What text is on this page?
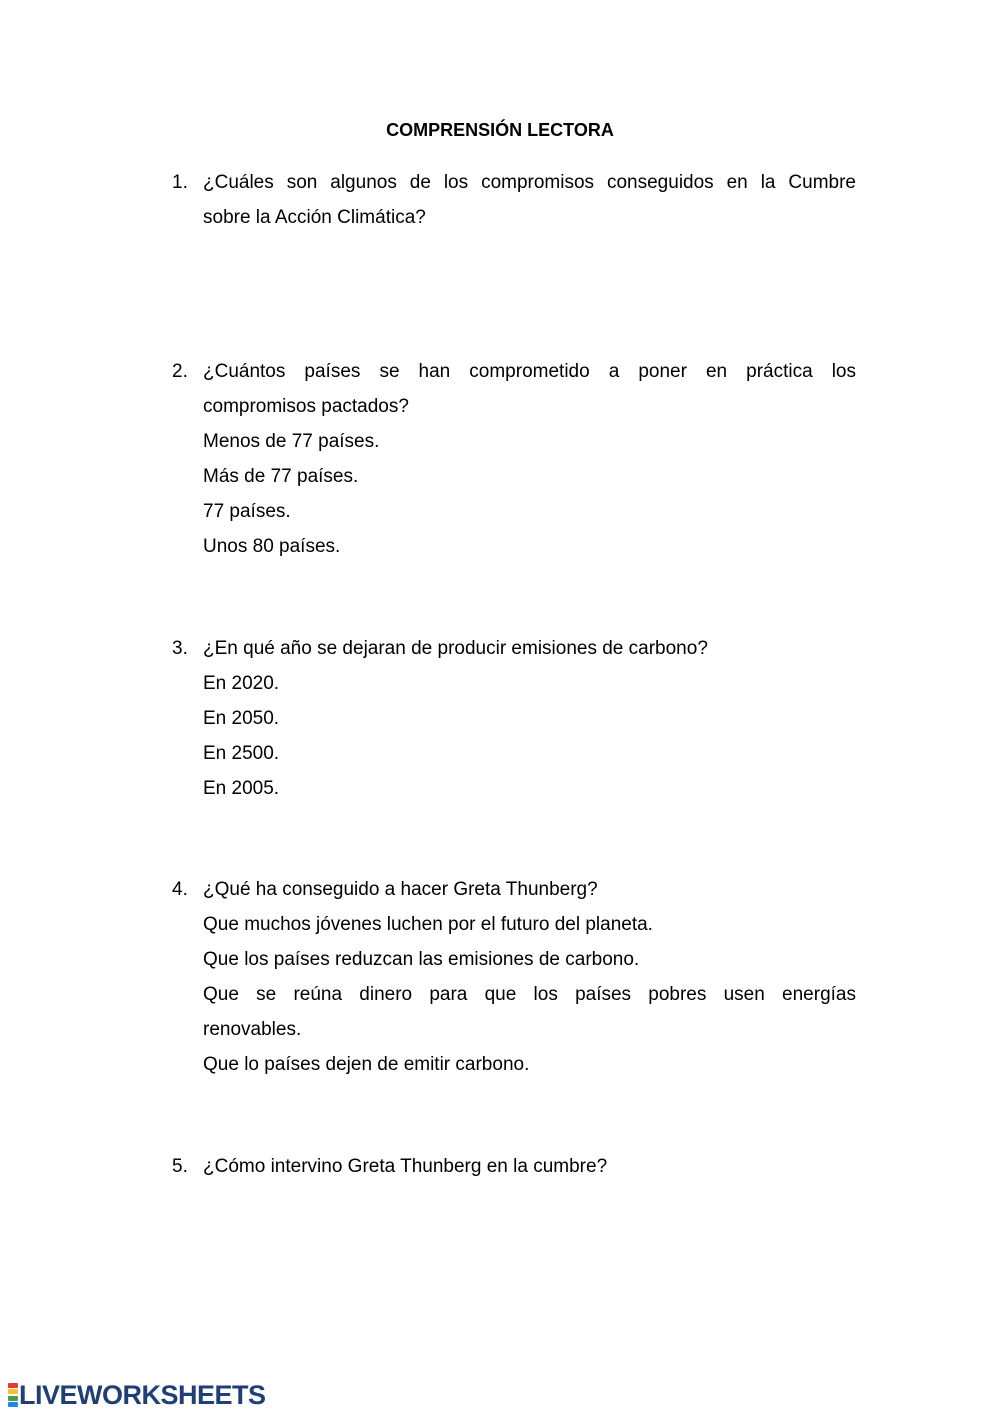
COMPRENSIÓN LECTORA
1. ¿Cuáles son algunos de los compromisos conseguidos en la Cumbre
sobre la Acción Climática?
2. ¿Cuántos países se han comprometido a poner en práctica los
compromisos pactados?
Menos de 77 países.
Más de 77 países.
77 países.
Unos 80 países.
3. ¿En qué año se dejaran de producir emisiones de carbono?
En 2020.
En 2050.
En 2500.
En 2005.
4. ¿Qué ha conseguido a hacer Greta Thunberg?
Que muchos jóvenes luchen por el futuro del planeta.
Que los países reduzcan las emisiones de carbono.
Que se reúna dinero para que los países pobres usen energías
renovables.
Que lo países dejen de emitir carbono.
5. ¿Cómo intervino Greta Thunberg en la cumbre?
LIVEWORKSHEETS
